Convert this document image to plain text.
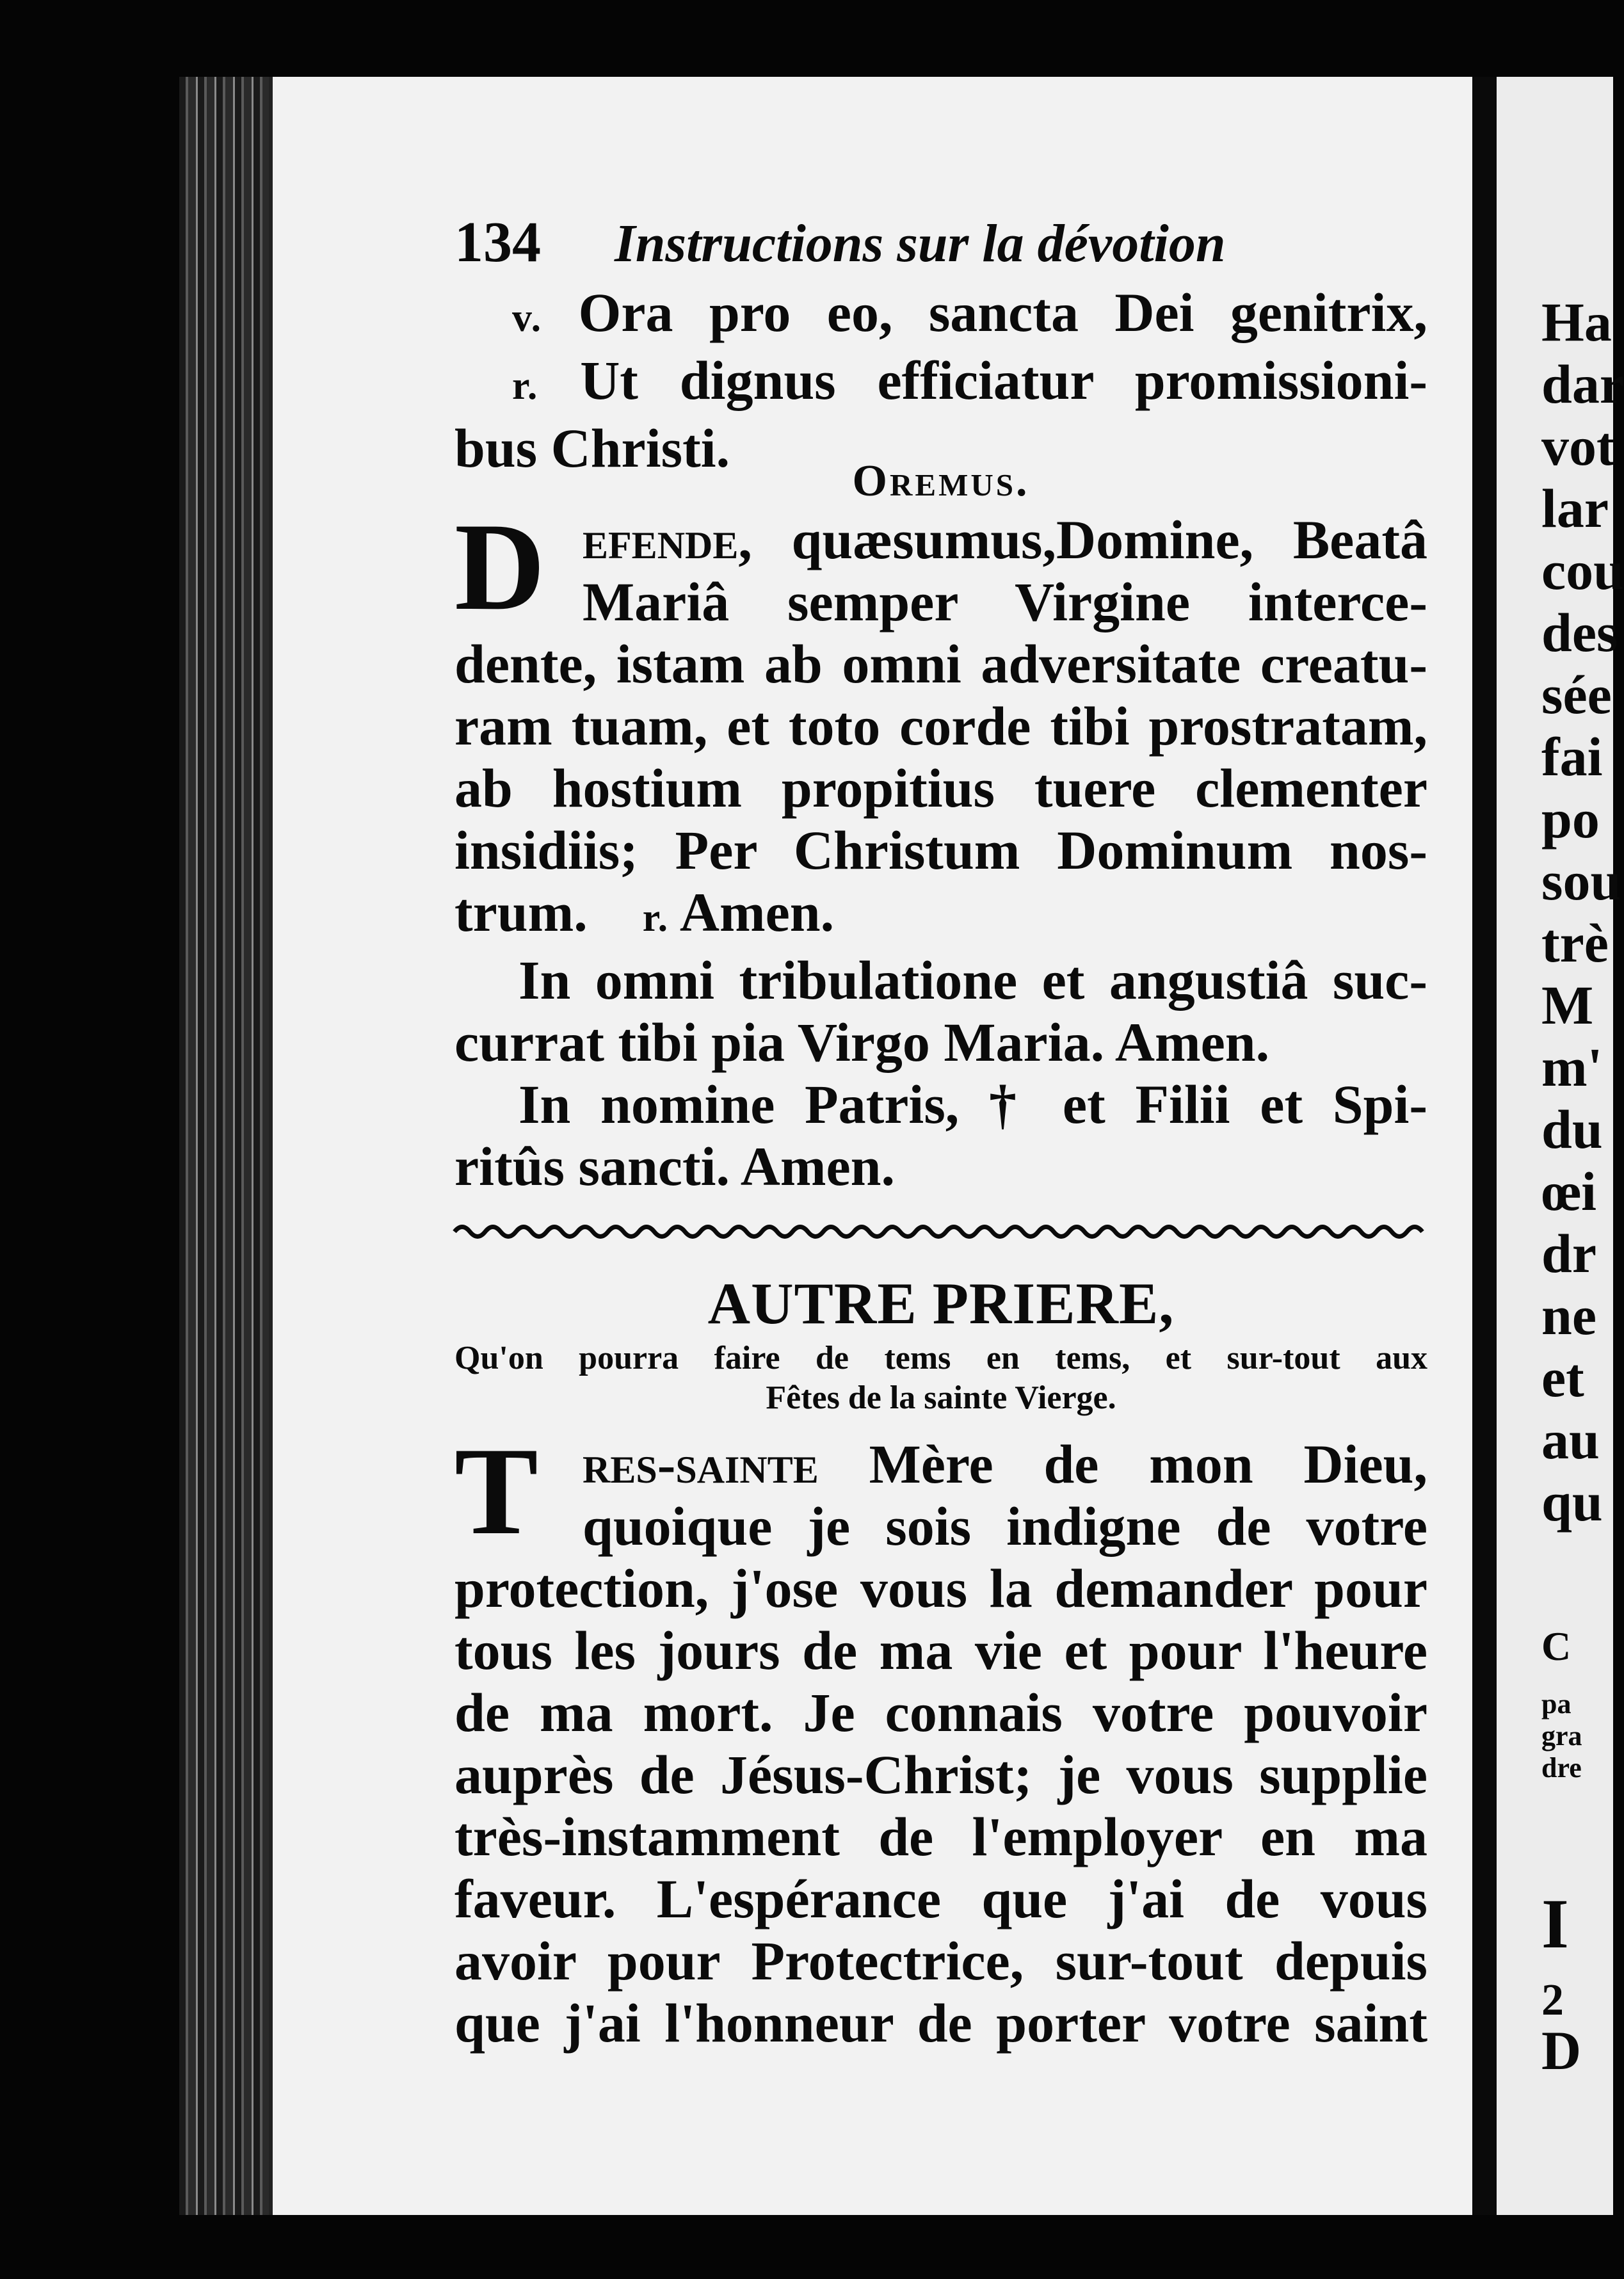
Ha
dar
vot
lar
cou
des
sée
fai
po
sou
trè
M
m'
du
œi
dr
ne
et
au
qu
C
pa
gra
dre
I
2
D
134	Instructions sur la dévotion
v. Ora pro eo, sancta Dei genitrix,
r. Ut dignus efficiatur promissioni-
bus Christi.
Oremus.
D efende, quæsumus,Domine, Beatâ
Mariâ semper Virgine interce-
dente, istam ab omni adversitate creatu-
ram tuam, et toto corde tibi prostratam,
ab hostium propitius tuere clementer
insidiis; Per Christum Dominum nos-
trum. r. Amen.
In omni tribulatione et angustiâ suc-
currat tibi pia Virgo Maria. Amen.
In nomine Patris, † et Filii et Spi-
ritûs sancti. Amen.
AUTRE PRIERE,
Qu'on pourra faire de tems en tems, et sur-tout aux
Fêtes de la sainte Vierge.
T res-sainte Mère de mon Dieu,
quoique je sois indigne de votre
protection, j'ose vous la demander pour
tous les jours de ma vie et pour l'heure
de ma mort. Je connais votre pouvoir
auprès de Jésus-Christ; je vous supplie
très-instamment de l'employer en ma
faveur. L'espérance que j'ai de vous
avoir pour Protectrice, sur-tout depuis
que j'ai l'honneur de porter votre saint
